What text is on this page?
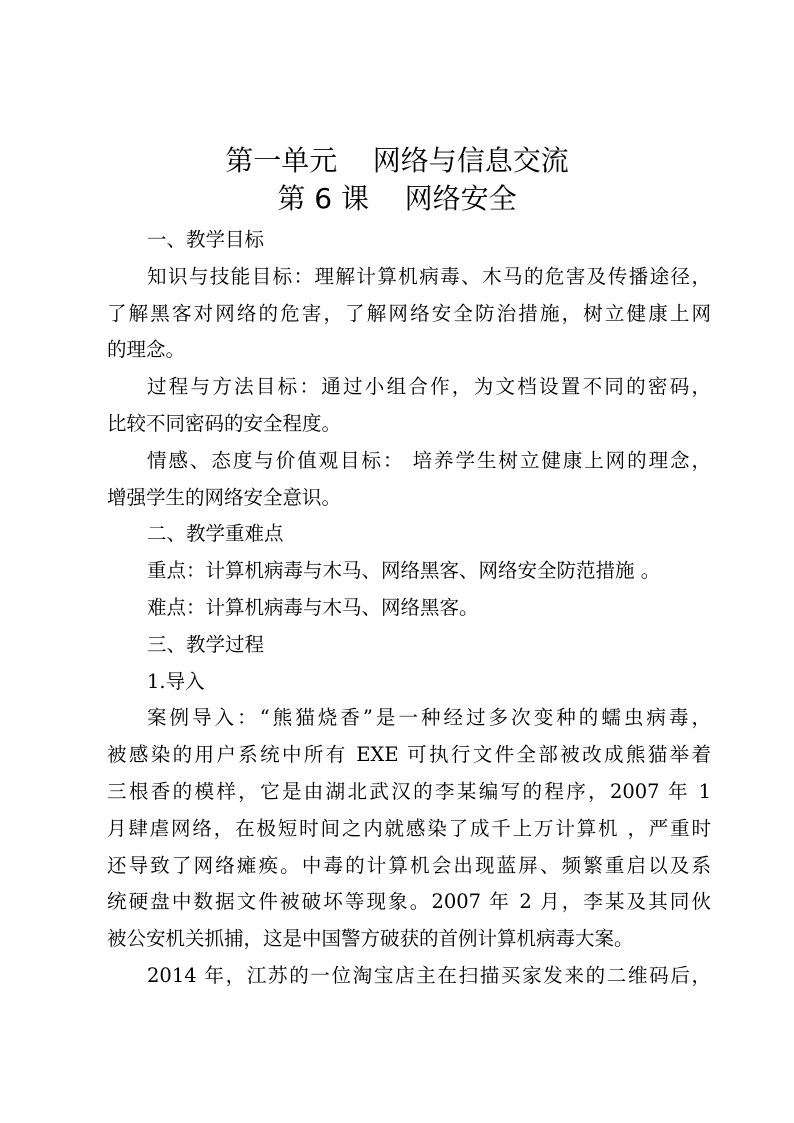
第一单元    网络与信息交流
第 6 课    网络安全
一、教学目标
知识与技能目标：理解计算机病毒、木马的危害及传播途径，
了解黑客对网络的危害，了解网络安全防治措施，树立健康上网
的理念。
过程与方法目标：通过小组合作，为文档设置不同的密码，
比较不同密码的安全程度。
情感、态度与价值观目标： 培养学生树立健康上网的理念，
增强学生的网络安全意识。
二、教学重难点
重点：计算机病毒与木马、网络黑客、网络安全防范措施 。
难点：计算机病毒与木马、网络黑客。
三、教学过程
1.导入
案例导入：“熊猫烧香”是一种经过多次变种的蠕虫病毒，
被感染的用户系统中所有 EXE 可执行文件全部被改成熊猫举着
三根香的模样，它是由湖北武汉的李某编写的程序，2007 年 1
月肆虐网络，在极短时间之内就感染了成千上万计算机 ，严重时
还导致了网络瘫痪。中毒的计算机会出现蓝屏、频繁重启以及系
统硬盘中数据文件被破坏等现象。2007 年 2 月，李某及其同伙
被公安机关抓捕，这是中国警方破获的首例计算机病毒大案。
2014 年，江苏的一位淘宝店主在扫描买家发来的二维码后，
